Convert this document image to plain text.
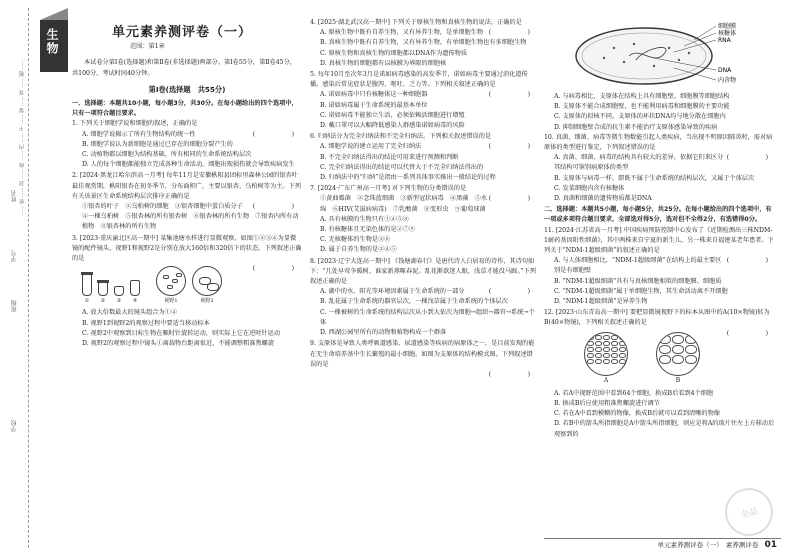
学校
班级
姓名
学号
…… 密 …… 封 …… 线 …… 内 …… 不 …… 要 …… 答 …… 题 ……
生物	单元素养测评卷（一）
范围：第1章
本试卷分第Ⅰ卷(选择题)和第Ⅱ卷(非选择题)两部分。第Ⅰ卷55分，第Ⅱ卷45分，共100分，考试时间40分钟。
第Ⅰ卷(选择题　共55分)
一、选择题：本题共10小题，每小题3分，共30分。在每小题给出的四个选项中，只有一项符合题目要求。
1. 下列关于细胞学说和细胞的叙述，正确的是
(　　)
A. 细胞学说揭示了所有生物结构的统一性
B. 细胞学说认为新细胞是通过已存在的细胞分裂产生的
C. 动植物都以细胞为结构基础，所有相同的生命系统结构层次
D. 人的每个细胞都能独立完成各种生命活动，细胞出现损伤就会导致疾病发生
2. [2024·黑龙江哈尔滨高一月考] 每年11月是安徽枞阳县团标里森林公园的银杏叶最佳观赏期，枞阳银杏在初冬季节，分布面积广，主要以银杏、乌桕树等为主。下列有关该景区生命系统结构层次排序正确的是
(　　)
①银杏的叶子　②乌桕树的细胞　③银杏细胞中蛋白质分子　④一棵乌桕树　⑤银杏林的所有银杏树　⑥银杏林的所有生物　⑦银杏内所有动植物　⑧银杏林的所有生物
3. [2023·重庆渝北区高一期中] 某集池塘水样进行显微观察，如图①②③④为显微镜的配件镜头，视野1和视野2是分别在放大160倍和320倍下的状态，下列叙述正确的是
(　　)
①	②	③	④	视野1	视野2
A. 放大倍数最大的镜头组合为①④
B. 视野1到视野2的观察过程中要适当移动标本
C. 视野2中观察到目标生物在顺时针旋转运动，则实际上它在逆时针运动
D. 视野2的观察过程中镜头①离载物台距离很近，不能调整粗准焦螺旋
4. [2025·湖北武汉高一期中] 下列关于原核生物和真核生物的说法，正确的是
(　　)
A. 原核生物中既有自养生物，又有异养生物，是单细胞生物
B. 真核生物中既有自养生物，又有异养生物，有单细胞生物也有多细胞生物
C. 原核生物和真核生物的细胞都以DNA作为遗传物质
D. 真核生物的细胞都有以核膜为界限的细胞核
5. 每年10月至次年3月是诺如病毒感染的高发季节，诺如病毒主要通过消化道传播，感染后常见症状是腹泻、呕吐、乏力等。下列相关叙述正确的是
(　　)
A. 诺如病毒中只有核糖体这一种细胞器
B. 诺如病毒属于生命系统的最基本单位
C. 诺如病毒不能独立生活，必须依赖活细胞进行增殖
D. 戴口罩可以大幅降低感染人群感染诺如病毒的风险
6. 归纳法分为完全归纳法和不完全归纳法。下列相关叙述错误的是
(　　)
A. 细胞学说的建立运用了完全归纳法
B. 不完全归纳法得出的结论可用来进行预测和判断
C. 完全归纳法得出的结论可以代替大于不完全归纳法得出的
D. 归纳法中的“归纳”是指由一系列具体事实推出一般结论的过程
7. [2024·广东广州高一月考] 对下列生物的分类错误的是
(　　)
①黄曲霉菌　②念珠蓝细菌　③新型冠状病毒　④黑藻　⑤水绵　⑥HIV(艾滋病病毒)　⑦乳酸菌　⑧变形虫　⑨葡萄球菌
A. 具有核膜的生物只有①④⑤⑧
B. 有核糖体且无染色体的是②⑦⑨
C. 无核糖体的生物是③⑥
D. 属于自养生物的是②④⑤
8. [2023·辽宁大连高一期中] 《钱塘湖春行》是唐代诗人白居易的诗作，其诗句如下：“几处早莺争暖树，谁家新燕啄春泥。乱花渐欲迷人眼，浅草才能没马蹄。”下列叙述正确的是
(　　)
A. 湖中的水、阳光等环境因素属于生命系统的一部分
B. 乱花属于生命系统的器官层次，一棵浅草属于生命系统的个体层次
C. 一棵被树的生命系统的结构层次从小到大依次为细胞→组织→器官→系统→个体
D. 西湖公园里所有的动物和植物构成一个群落
9. 支原体是导致人类呼吸道感染、尿道感染等疾病的病原体之一，是目前发现的能在无生命培养基中生长繁殖的最小细胞。如图为支原体的结构模式图。下列叙述错误的是
(　　)
细胞膜
核糖体
RNA
DNA
内含物
A. 与病毒相比，支原体在结构上具有细胞壁、细胞膜等细胞结构
B. 支原体不能合成细胞壁，也不能利用病毒和细胞膜的主要功能
C. 支原体的拟核不同，支原体的环状DNA均与地分散在细胞内
D. 抑制细胞壁合成的抗生素不能治疗支原体感染导致的疾病
10. 真菌、细菌、病毒等微生物数能引起人类疾病，当出现不明原因肺炎时，需对病原体的类型进行鉴定，下列叙述错误的是
(　　)
A. 真菌、细菌、病毒的结构具有较大的差异，依据它们来区分其结构可鉴别病原体的类型
B. 支原体与病毒一样，即既不属于生命系统的结构层次，又属于个体层次
C. 发菜细胞内含有核糖体
D. 真菌和细菌的遗传物质都是DNA
二、选择题：本题共5小题，每小题5分，共25分。在每小题给出的四个选项中，有一项或多项符合题目要求，全部选对得5分，选对但不全得2分，有选错得0分。
11. [2024·江苏省高一月考] 中国疾病预防控制中心发布了《近期检测出三株NDM-1耐药基因阳性细菌》，其中两株来自宁夏的新生儿，另一株来自福建某老年患者。下列关于“NDM-1超级细菌”的叙述正确的是
(　　)
A. 与人体细胞相比，“NDM-1超级细菌”在结构上的最主要区别是有细胞壁
B. “NDM-1超级细菌”具有与真核细胞相似的细胞膜、细胞质
C. “NDM-1超级细菌”属于单细胞生物，其生命活动离不开细胞
D. “NDM-1超级细菌”是异养生物
12. [2023·山东青岛高一期中] 要把显微镜视野下的标本从图中的A(10×物镜)转为B(40×物镜)，下列相关叙述正确的是
(　　)
A	B
A. 若A中视野范围中看到64个细胞，换成B后看到4个细胞
B. 换成B后应使用粗准焦螺旋进行调节
C. 若在A中看到模糊的物像，换成B后就可以看到清晰的物像
D. 若B中的箭头所指细胞是A中箭头所指细胞，则应是将A的玻片往左上方移动后观察到的
全品
单元素养测评卷（一）　素养测评卷 01
